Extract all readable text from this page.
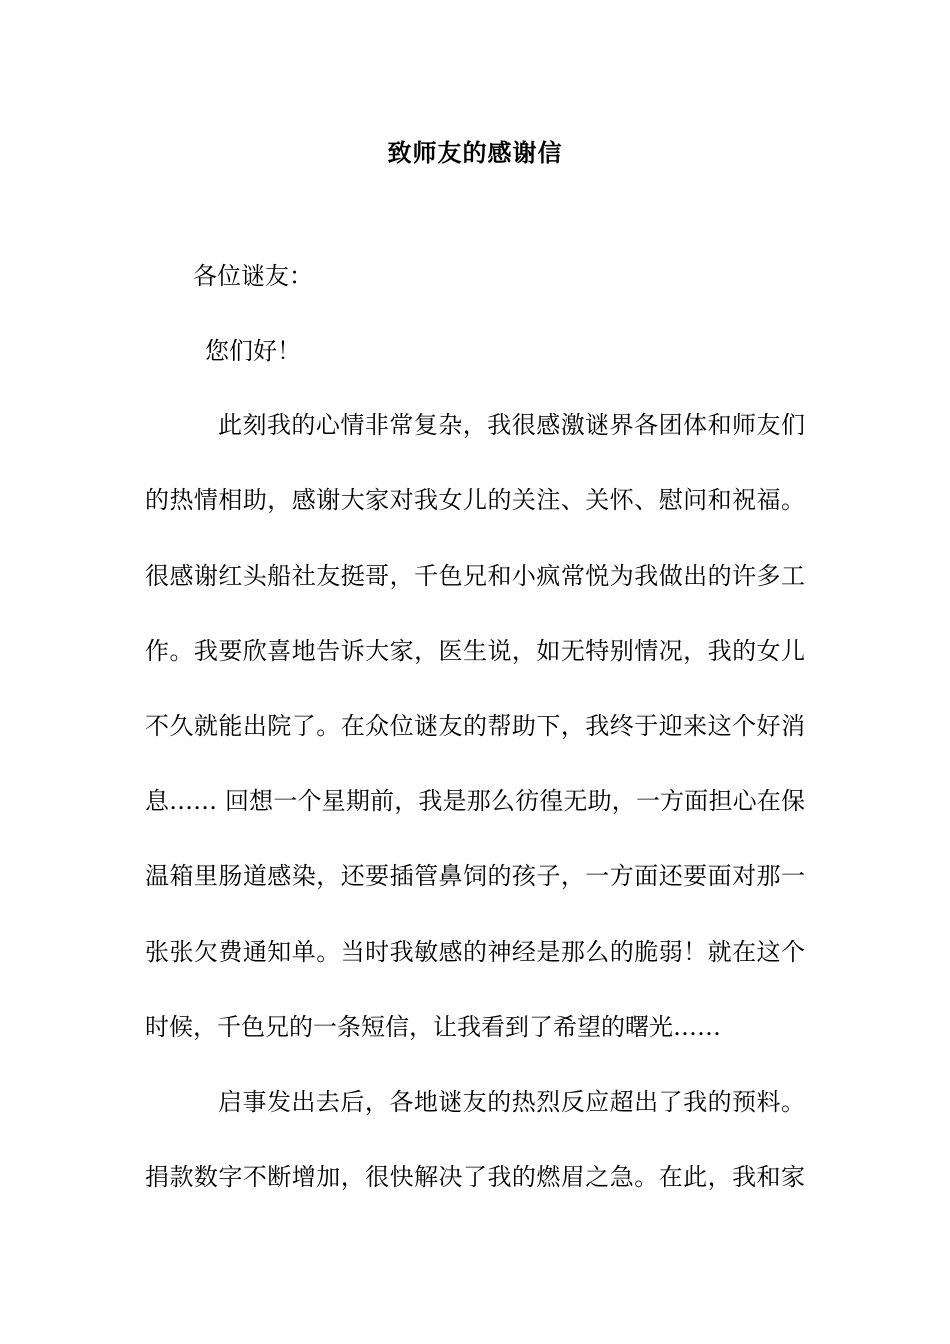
致师友的感谢信
各位谜友：
您们好！
此刻我的心情非常复杂，我很感激谜界各团体和师友们
的热情相助，感谢大家对我女儿的关注、关怀、慰问和祝福。
很感谢红头船社友挺哥，千色兄和小疯常悦为我做出的许多工
作。我要欣喜地告诉大家，医生说，如无特别情况，我的女儿
不久就能出院了。在众位谜友的帮助下，我终于迎来这个好消
息…… 回想一个星期前，我是那么彷徨无助，一方面担心在保
温箱里肠道感染，还要插管鼻饲的孩子，一方面还要面对那一
张张欠费通知单。当时我敏感的神经是那么的脆弱！就在这个
时候，千色兄的一条短信，让我看到了希望的曙光……
启事发出去后，各地谜友的热烈反应超出了我的预料。
捐款数字不断增加，很快解决了我的燃眉之急。在此，我和家
